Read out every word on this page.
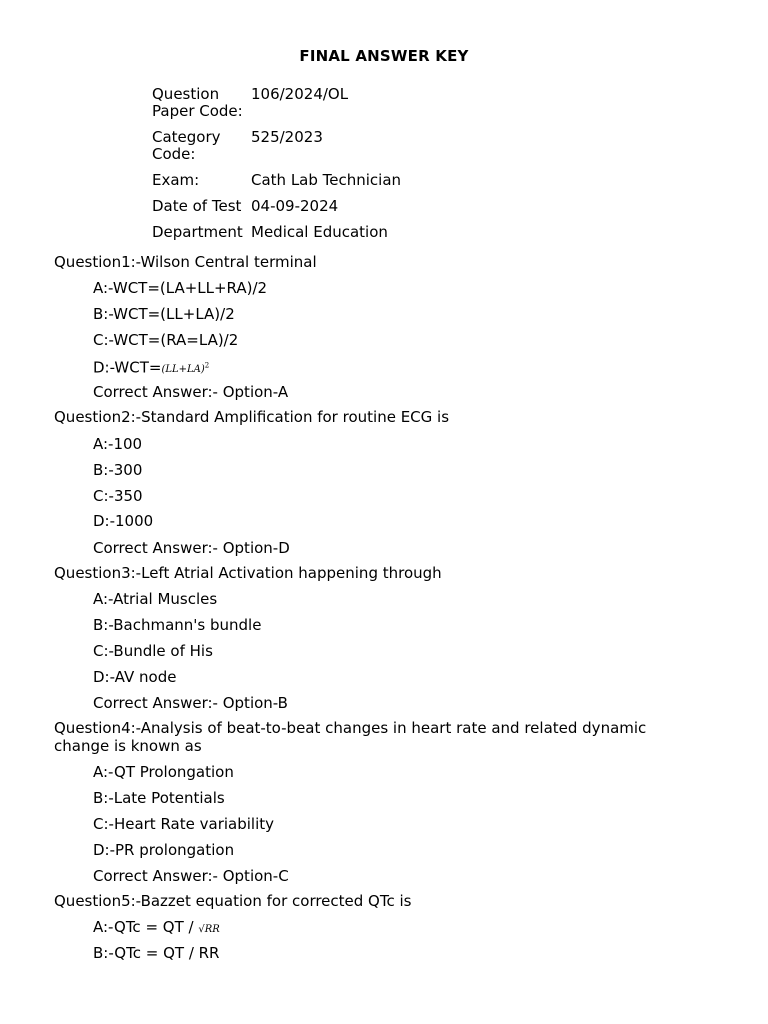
FINAL ANSWER KEY
Question Paper Code:	106/2024/OL
Category Code:	525/2023
Exam:	Cath Lab Technician
Date of Test	04-09-2024
Department	Medical Education
Question1:-Wilson Central terminal
A:-WCT=(LA+LL+RA)/2
B:-WCT=(LL+LA)/2
C:-WCT=(RA=LA)/2
$D:-WCT=(LL+LA)^2$
Correct Answer:- Option-A
Question2:-Standard Amplification for routine ECG is
A:-100
B:-300
C:-350
D:-1000
Correct Answer:- Option-D
Question3:-Left Atrial Activation happening through
A:-Atrial Muscles
B:-Bachmann's bundle
C:-Bundle of His
D:-AV node
Correct Answer:- Option-B
Question4:-Analysis of beat-to-beat changes in heart rate and related dynamic change is known as
A:-QT Prolongation
B:-Late Potentials
C:-Heart Rate variability
D:-PR prolongation
Correct Answer:- Option-C
Question5:-Bazzet equation for corrected QTc is
A:-QTc = QT / √RR
B:-QTc = QT / RR
